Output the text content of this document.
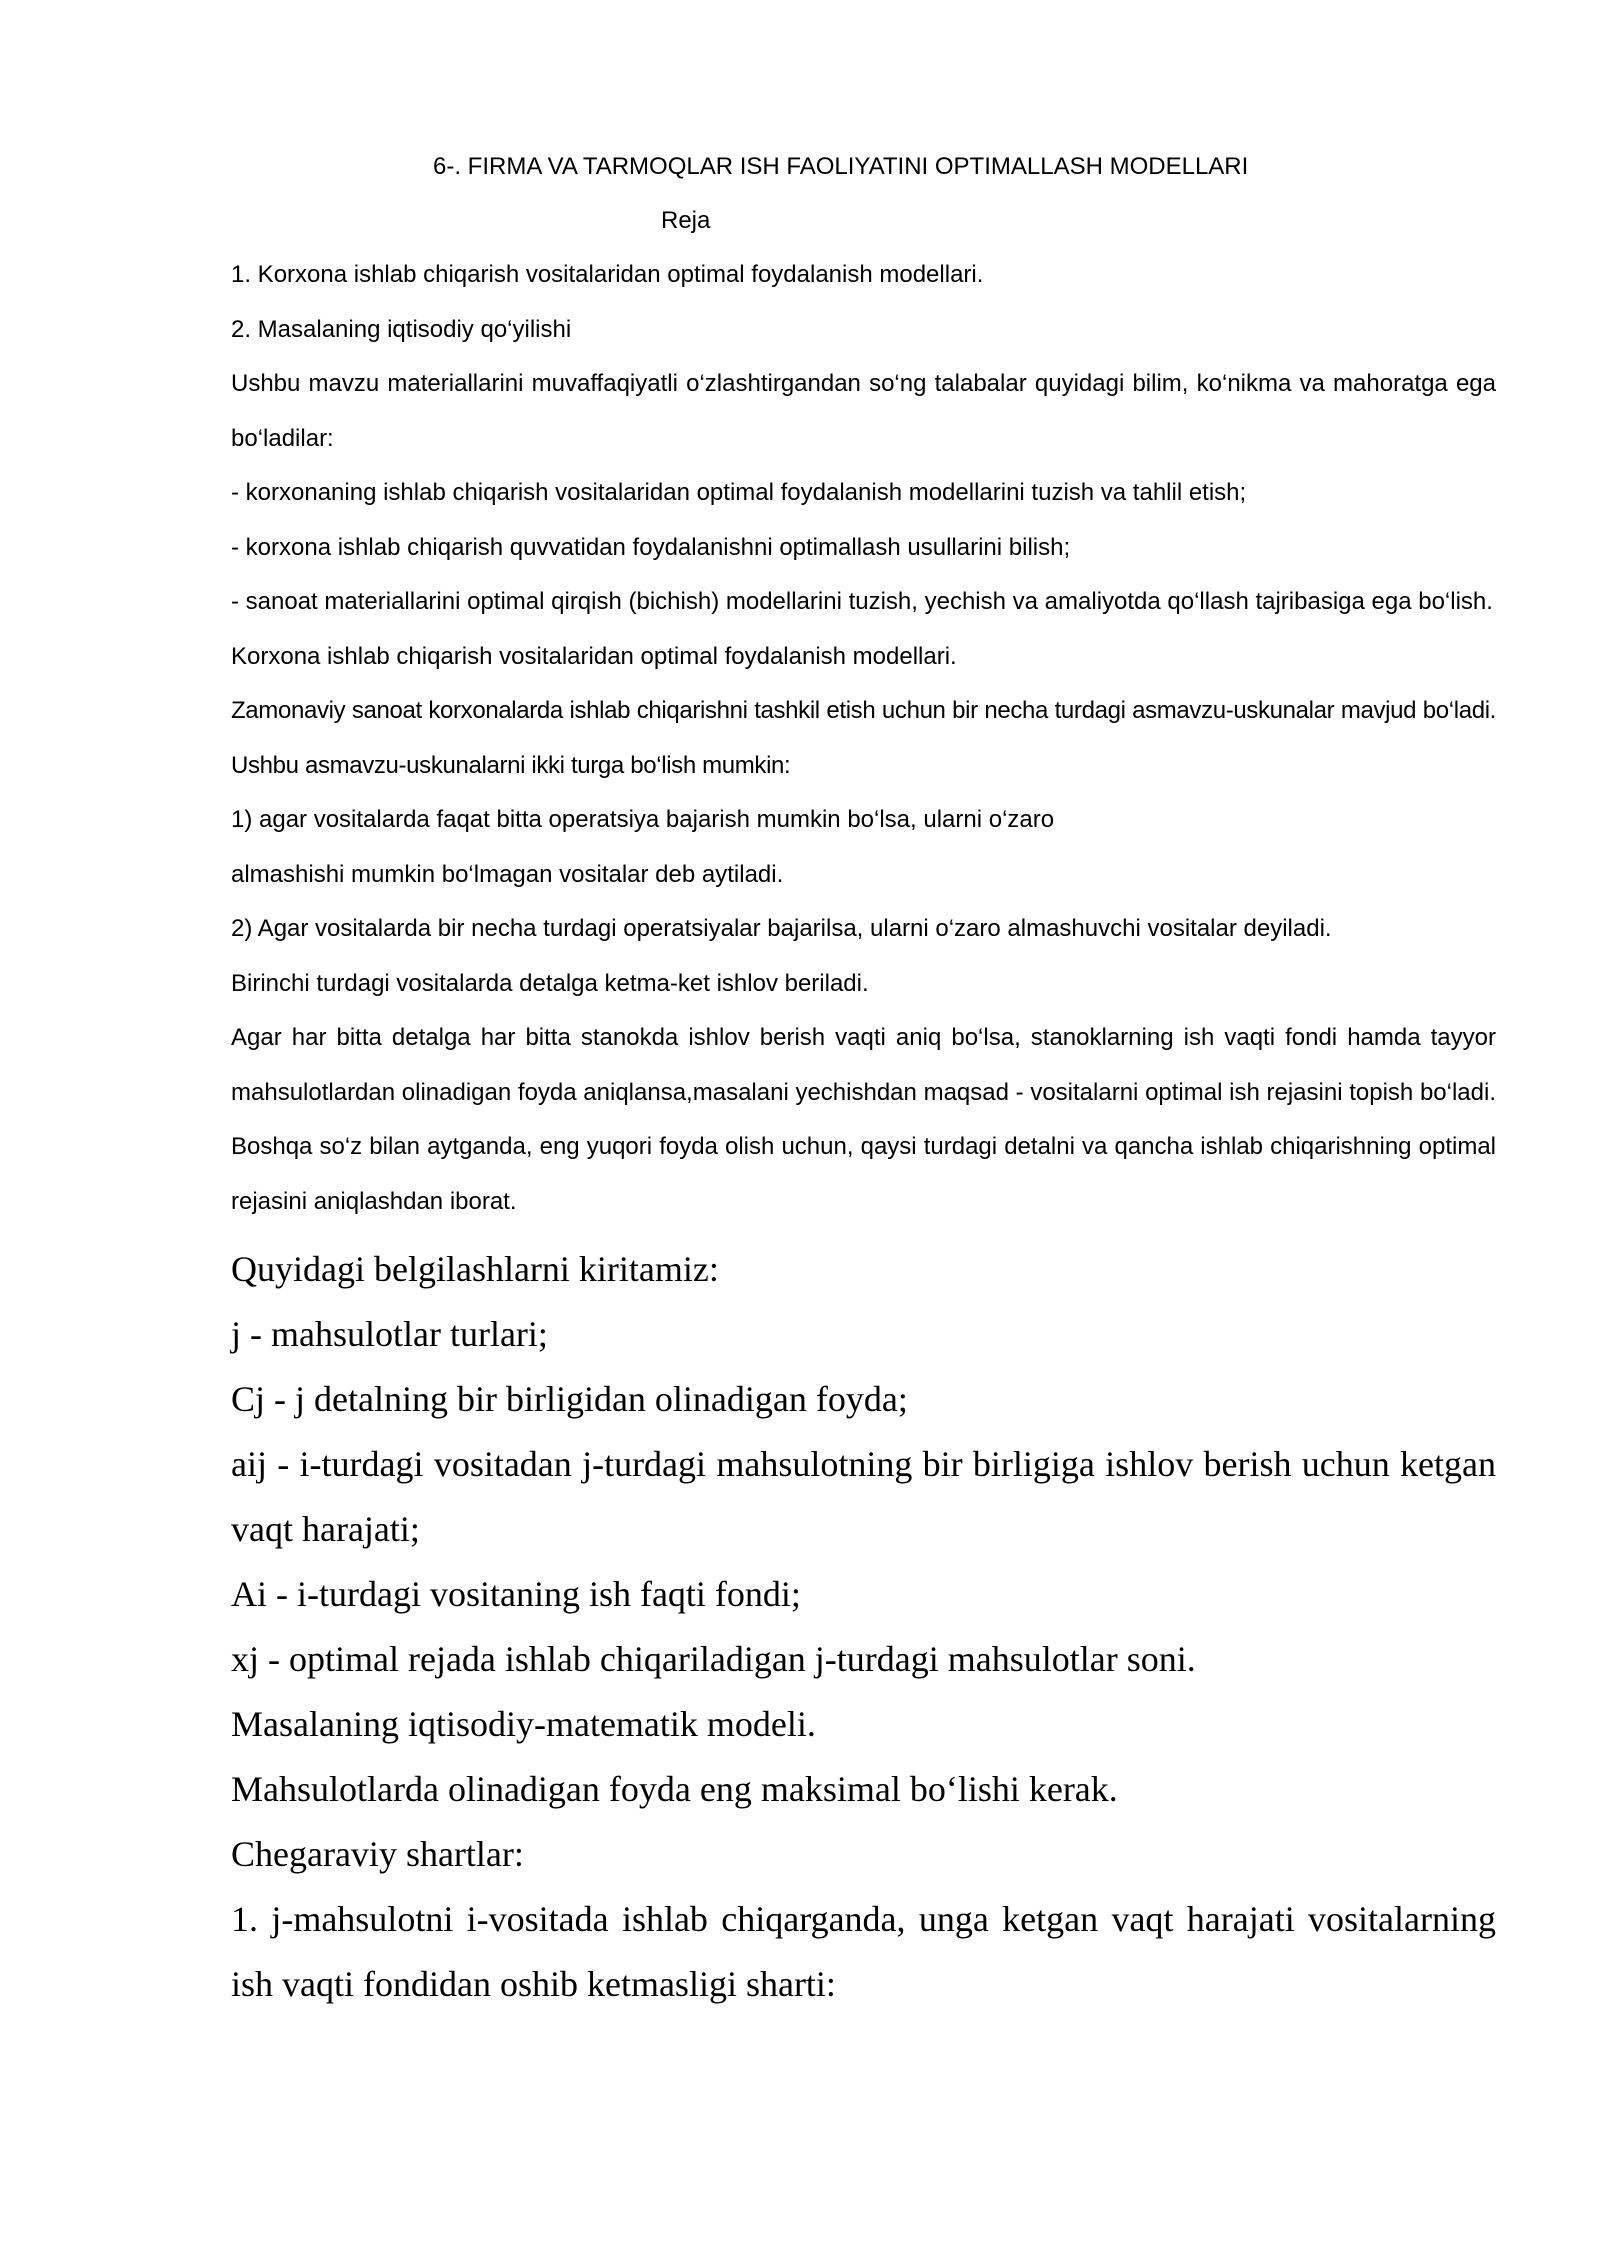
6-. FIRMA VA TARMOQLAR ISH FAOLIYATINI OPTIMALLASH MODELLARI

Reja

1. Korxona ishlab chiqarish vositalaridan optimal foydalanish modellari.

2. Masalaning iqtisodiy qo‘yilishi

Ushbu mavzu materiallarini muvaffaqiyatli o‘zlashtirgandan so‘ng talabalar quyidagi bilim, ko‘nikma va mahoratga ega bo‘ladilar:

- korxonaning ishlab chiqarish vositalaridan optimal foydalanish modellarini tuzish va tahlil etish;

- korxona ishlab chiqarish quvvatidan foydalanishni optimallash usullarini bilish;

- sanoat materiallarini optimal qirqish (bichish) modellarini tuzish, yechish va amaliyotda qo‘llash tajribasiga ega bo‘lish.

Korxona ishlab chiqarish vositalaridan optimal foydalanish modellari.

Zamonaviy sanoat korxonalarda ishlab chiqarishni tashkil etish uchun bir necha turdagi asmavzu-uskunalar mavjud bo‘ladi. Ushbu asmavzu-uskunalarni ikki turga bo‘lish mumkin:

1) agar vositalarda faqat bitta operatsiya bajarish mumkin bo‘lsa, ularni o‘zaro

almashishi mumkin bo‘lmagan vositalar deb aytiladi.

2) Agar vositalarda bir necha turdagi operatsiyalar bajarilsa, ularni o‘zaro almashuvchi vositalar deyiladi.

Birinchi turdagi vositalarda detalga ketma-ket ishlov beriladi.

Agar har bitta detalga har bitta stanokda ishlov berish vaqti aniq bo‘lsa, stanoklarning ish vaqti fondi hamda tayyor mahsulotlardan olinadigan foyda aniqlansa,masalani yechishdan maqsad - vositalarni optimal ish rejasini topish bo‘ladi. Boshqa so‘z bilan aytganda, eng yuqori foyda olish uchun, qaysi turdagi detalni va qancha ishlab chiqarishning optimal rejasini aniqlashdan iborat.

Quyidagi belgilashlarni kiritamiz:

j - mahsulotlar turlari;

Cj - j detalning bir birligidan olinadigan foyda;

aij - i-turdagi vositadan j-turdagi mahsulotning bir birligiga ishlov berish uchun ketgan vaqt harajati;

Ai - i-turdagi vositaning ish faqti fondi;

xj - optimal rejada ishlab chiqariladigan j-turdagi mahsulotlar soni.

Masalaning iqtisodiy-matematik modeli.

Mahsulotlarda olinadigan foyda eng maksimal bo‘lishi kerak.

Chegaraviy shartlar:

1. j-mahsulotni i-vositada ishlab chiqarganda, unga ketgan vaqt harajati vositalarning ish vaqti fondidan oshib ketmasligi sharti:
